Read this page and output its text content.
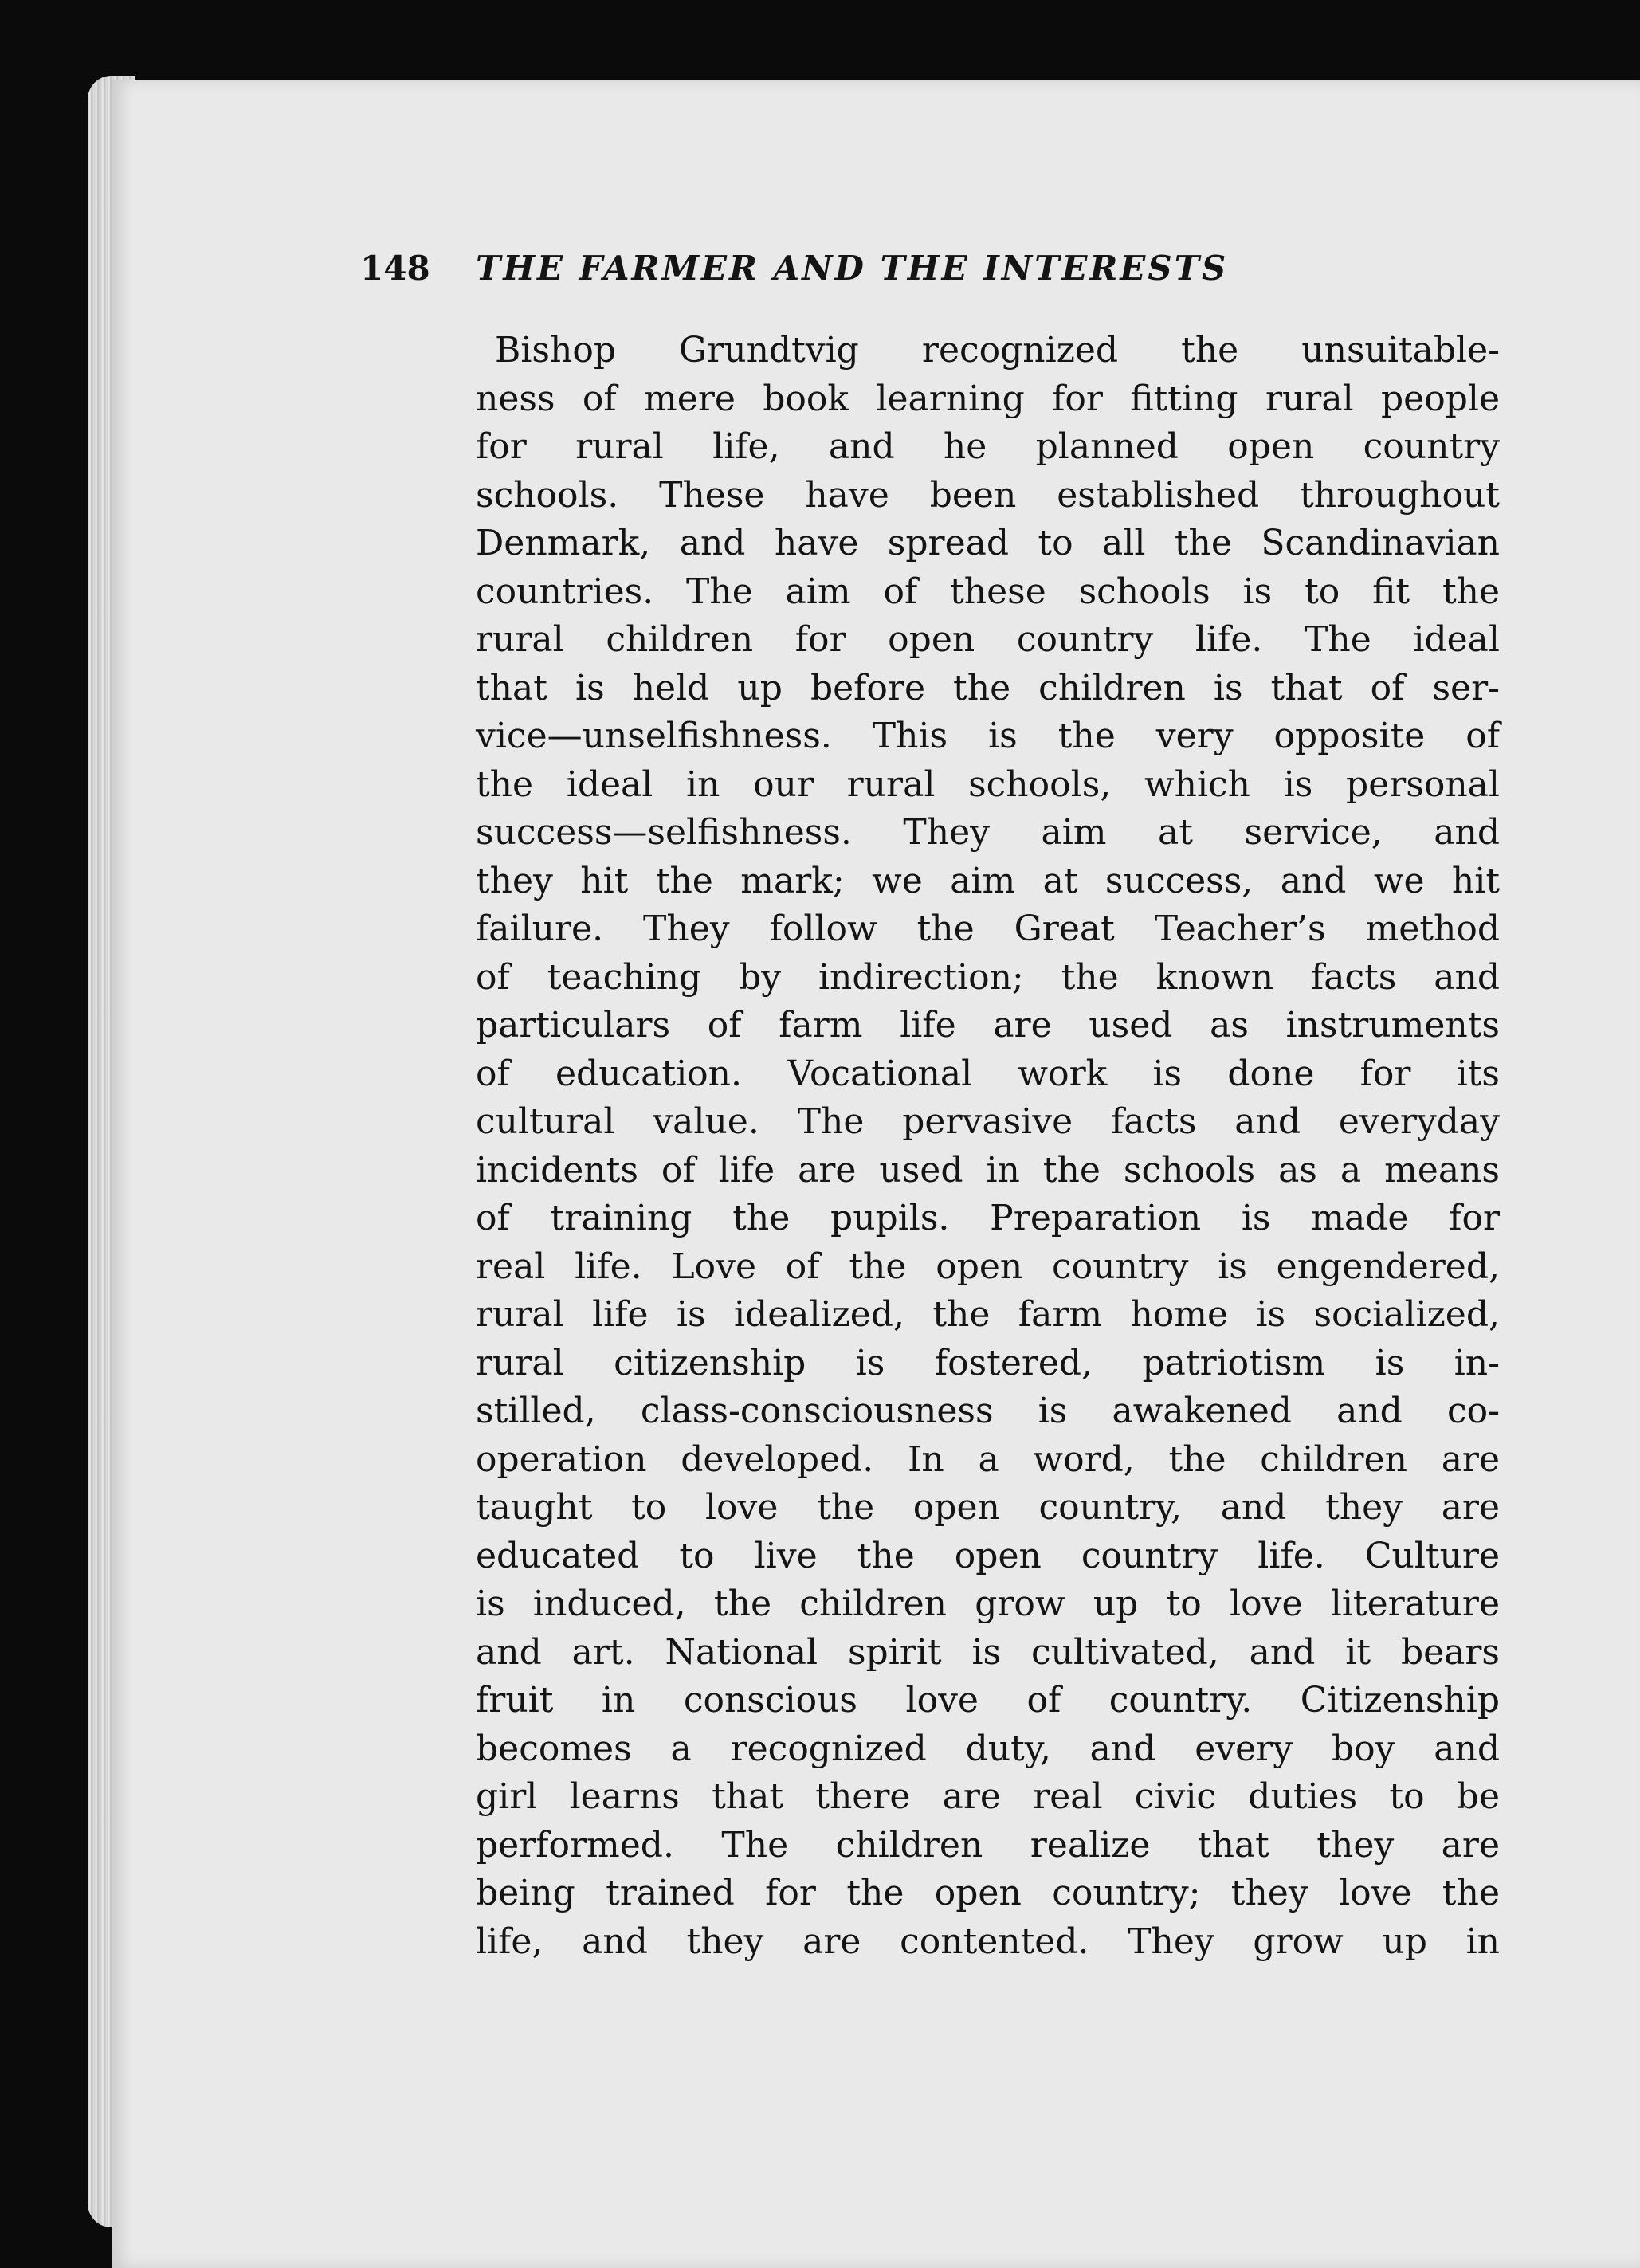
148 THE FARMER AND THE INTERESTS
Bishop Grundtvig recognized the unsuitable-
ness of mere book learning for fitting rural people
for rural life, and he planned open country
schools. These have been established throughout
Denmark, and have spread to all the Scandinavian
countries. The aim of these schools is to fit the
rural children for open country life. The ideal
that is held up before the children is that of ser-
vice—unselfishness. This is the very opposite of
the ideal in our rural schools, which is personal
success—selfishness. They aim at service, and
they hit the mark; we aim at success, and we hit
failure. They follow the Great Teacher’s method
of teaching by indirection; the known facts and
particulars of farm life are used as instruments
of education. Vocational work is done for its
cultural value. The pervasive facts and everyday
incidents of life are used in the schools as a means
of training the pupils. Preparation is made for
real life. Love of the open country is engendered,
rural life is idealized, the farm home is socialized,
rural citizenship is fostered, patriotism is in-
stilled, class-consciousness is awakened and co-
operation developed. In a word, the children are
taught to love the open country, and they are
educated to live the open country life. Culture
is induced, the children grow up to love literature
and art. National spirit is cultivated, and it bears
fruit in conscious love of country. Citizenship
becomes a recognized duty, and every boy and
girl learns that there are real civic duties to be
performed. The children realize that they are
being trained for the open country; they love the
life, and they are contented. They grow up in
